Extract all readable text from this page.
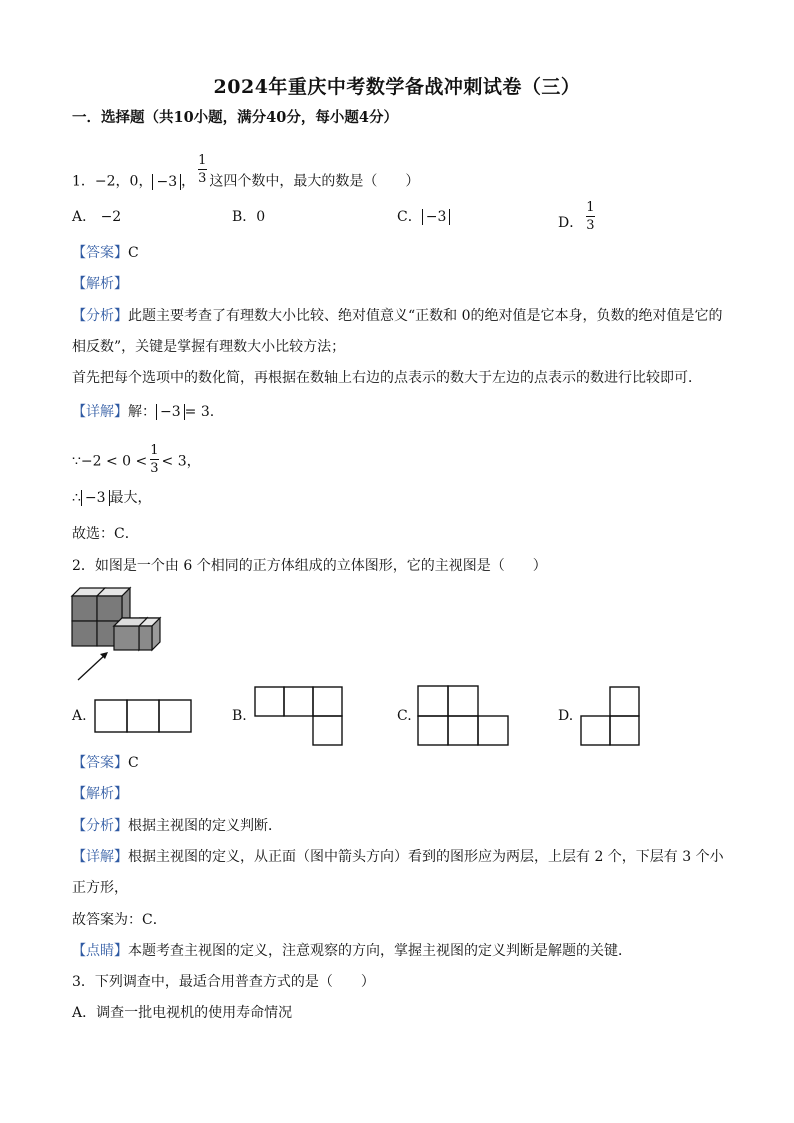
2024年重庆中考数学备战冲刺试卷（三）
一．选择题（共10小题，满分40分，每小题4分）
1．−2，0， −3 ， $\frac{1}{3}$ 这四个数中，最大的数是（　　）
A． −2	B．0	C． −3	D． $\frac{1}{3}$
【答案】C
【解析】
【分析】此题主要考查了有理数大小比较、绝对值意义“正数和 0的绝对值是它本身，负数的绝对值是它的
相反数”，关键是掌握有理数大小比较方法；
首先把每个选项中的数化简，再根据在数轴上右边的点表示的数大于左边的点表示的数进行比较即可．
【详解】解： −3 = 3.
∵−2 < $0 < \frac{1}{3} < 3$，
∴ −3 最大，
故选：C．
2．如图是一个由 6 个相同的正方体组成的立体图形，它的主视图是（　　）
A.	B.	C.	D.
【答案】C
【解析】
【分析】根据主视图的定义判断．
【详解】根据主视图的定义，从正面（图中箭头方向）看到的图形应为两层，上层有 2 个，下层有 3 个小
正方形，
故答案为：C．
【点睛】本题考查主视图的定义，注意观察的方向，掌握主视图的定义判断是解题的关键．
3．下列调查中，最适合用普查方式的是（　　）
A．调查一批电视机的使用寿命情况
